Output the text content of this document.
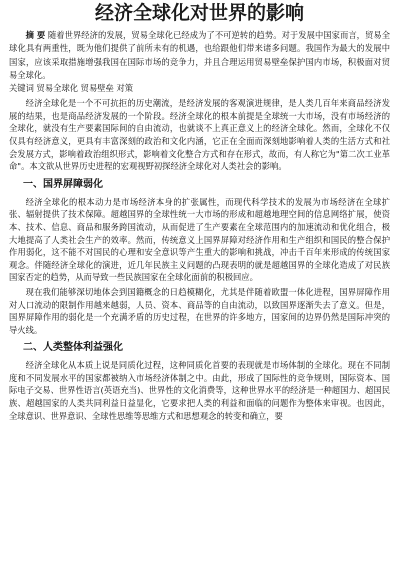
经济全球化对世界的影响

摘 要 随着世界经济的发展，贸易全球化已经成为了不可逆转的趋势。对于发展中国家而言，贸易全球化具有两重性，既为他们提供了前所未有的机遇，也给跟他们带来诸多问题。我国作为最大的发展中国家，应该采取措施增强我国在国际市场的竞争力，并且合理运用贸易壁垒保护国内市场，积极面对贸易全球化。

关键词 贸易全球化 贸易壁垒 对策

经济全球化是一个不可抗拒的历史潮流，是经济发展的客观演进规律，是人类几百年来商品经济发展的结果，也是商品经济发展的一个阶段。经济全球化的根本前提是全球统一大市场，没有市场经济的全球化，就没有生产要素国际间的自由流动，也就谈不上真正意义上的经济全球化。然而，全球化不仅仅具有经济意义，更具有丰富深刻的政治和文化内涵，它正在全面而深刻地影响着人类的生活方式和社会发展方式，影响着政治组织形式，影响着文化整合方式和存在形式，故而，有人称它为"第二次工业革命"。本文欲从世界历史进程的宏观视野初探经济全球化对人类社会的影响。

一、国界屏障弱化

经济全球化的根本动力是市场经济本身的扩张属性，而现代科学技术的发展为市场经济在全球扩张、辐射提供了技术保障。超越国界的全球性统一大市场的形成和超越地理空间的信息网络扩展，使资本、技术、信息、商品和服务跨国流动，从而促进了生产要素在全球范围内的加速流动和优化组合，极大地提高了人类社会生产的效率。然而，传统意义上国界屏障对经济作用和生产组织和国民的整合保护作用弱化，这不能不对国民的心理和安全意识等产生重大的影响和挑战，冲击千百年来形成的传统国家观念。伴随经济全球化的演进，近几年民族主义问题的凸现表明的就是超越国界的全球化造成了对民族国家否定的趋势，从而导致一些民族国家在全球化面前的积极回应。

现在我们能够深切地体会到国籍概念的日趋模糊化，尤其是伴随着欧盟一体化进程，国界屏障作用对人口流动的限制作用越来越弱，人员、资本、商品等的自由流动，以致国界逐渐失去了意义。但是，国界屏障作用的弱化是一个充满矛盾的历史过程，在世界的许多地方，国家间的边界仍然是国际冲突的导火线。

二、人类整体利益强化

经济全球化从本质上说是同质化过程，这种同质化首要的表现就是市场体制的全球化。现在不同制度和不同发展水平的国家都被纳入市场经济体制之中。由此，形成了国际性的竞争规则，国际资本、国际电子交易、世界性语言(英语充当)、世界性的文化消费等，这种世界水平的经济是一种超国力、超国民族、超越国家的人类共同利益日益显化，它要求把人类的利益和面临的问题作为整体来审视。也因此，全球意识、世界意识、全球性思维等思维方式和思想观念的转变和确立，要
